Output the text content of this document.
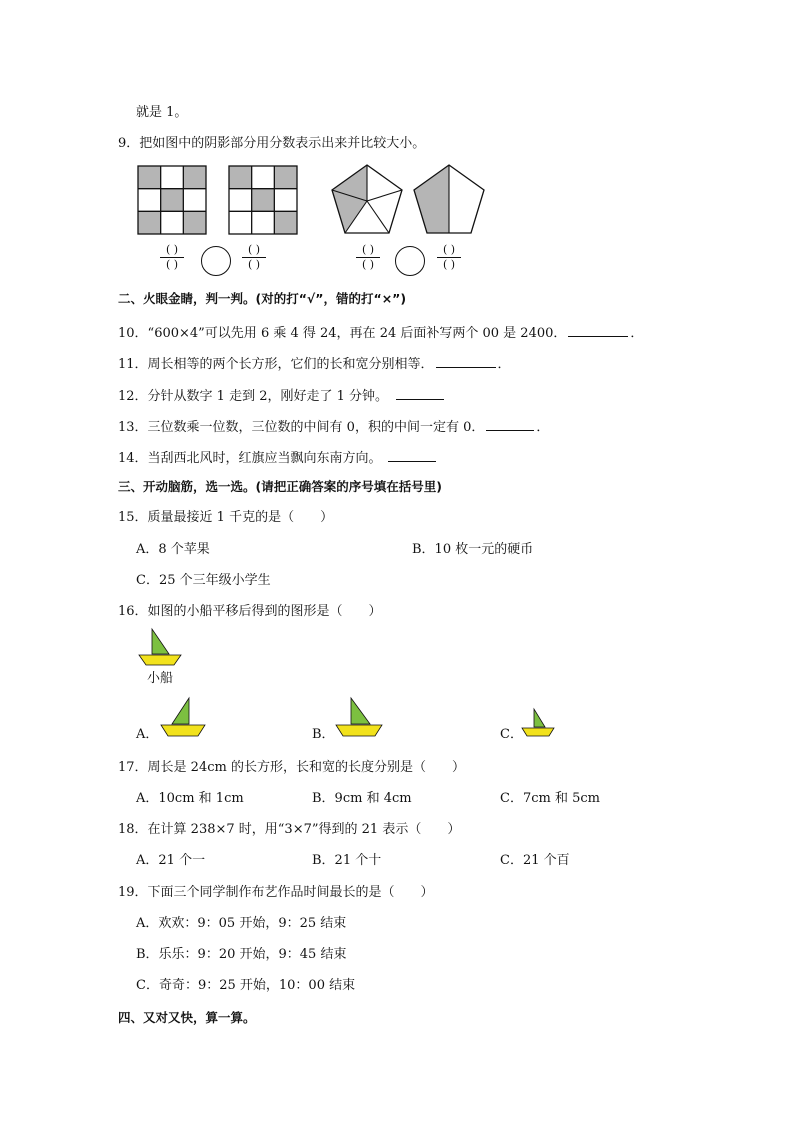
就是 1。
9．把如图中的阴影部分用分数表示出来并比较大小。
( )
( )
( )
( )
( )
( )
( )
( )
二、火眼金睛，判一判。(对的打“√”，错的打“×”)
10．“600×4”可以先用 6 乘 4 得 24，再在 24 后面补写两个 00 是 2400．	．
11．周长相等的两个长方形，它们的长和宽分别相等．	．
12．分针从数字 1 走到 2，刚好走了 1 分钟。
13．三位数乘一位数，三位数的中间有 0，积的中间一定有 0．	．
14．当刮西北风时，红旗应当飘向东南方向。
三、开动脑筋，选一选。(请把正确答案的序号填在括号里)
15．质量最接近 1 千克的是（　　）
A．8 个苹果	B．10 枚一元的硬币
C．25 个三年级小学生
16．如图的小船平移后得到的图形是（　　）
小船
A．	B．	C．
17．周长是 24cm 的长方形，长和宽的长度分别是（　　）
A．10cm 和 1cm	B．9cm 和 4cm	C．7cm 和 5cm
18．在计算 238×7 时，用“3×7”得到的 21 表示（　　）
A．21 个一	B．21 个十	C．21 个百
19．下面三个同学制作布艺作品时间最长的是（　　）
A．欢欢：9：05 开始，9：25 结束
B．乐乐：9：20 开始，9：45 结束
C．奇奇：9：25 开始，10：00 结束
四、又对又快，算一算。
